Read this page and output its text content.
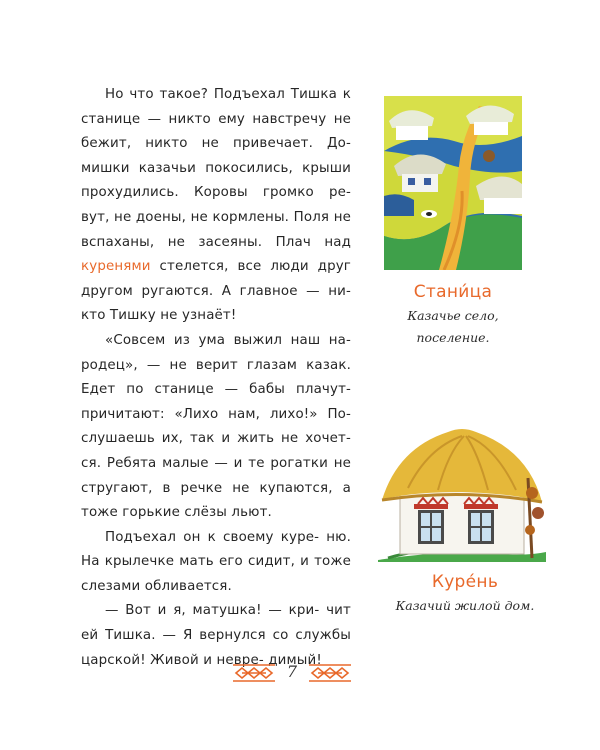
Но что такое? Подъехал Тишка к станице — никто ему навстречу не бежит, никто не привечает. До- мишки казачьи покосились, крыши прохудились. Коровы громко ре- вут, не доены, не кормлены. Поля не вспаханы, не засеяны. Плач над куренями стелется, все люди друг другом ругаются. А главное — ни- кто Тишку не узнаёт!

«Совсем из ума выжил наш на- родец», — не верит глазам казак. Едет по станице — бабы плачут- причитают: «Лихо нам, лихо!» По- слушаешь их, так и жить не хочет- ся. Ребята малые — и те рогатки не стругают, в речке не купаются, а тоже горькие слёзы льют.

Подъехал он к своему куре- ню. На крылечке мать его сидит, и тоже слезами обливается.

— Вот и я, матушка! — кри- чит ей Тишка. — Я вернулся со службы царской! Живой и невре- димый!

Стани́ца
Казачье село,
поселение.
Куре́нь
Казачий жилой дом.
7
